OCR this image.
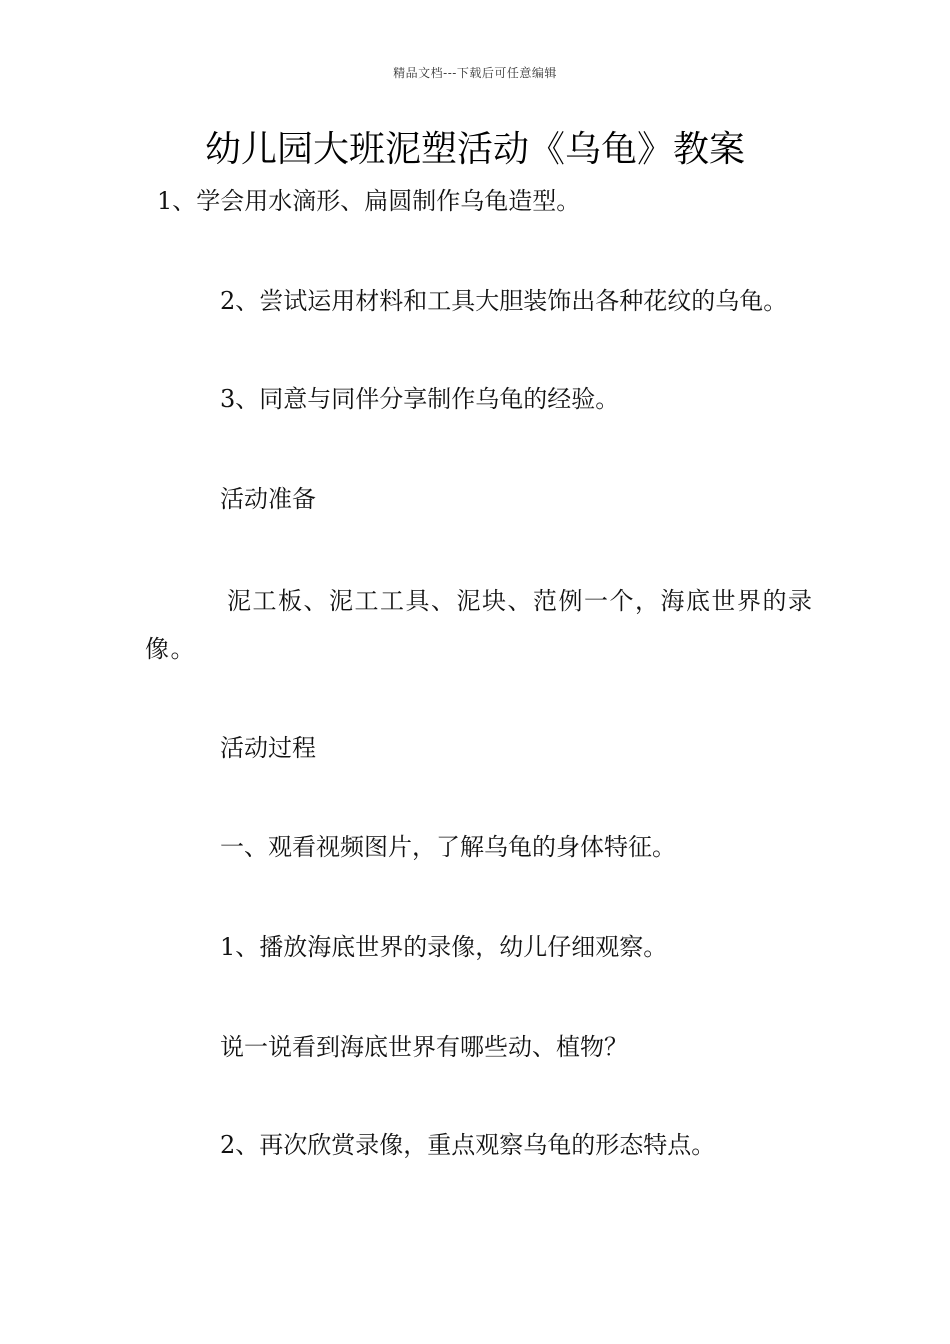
精品文档---下载后可任意编辑
幼儿园大班泥塑活动《乌龟》教案
1、学会用水滴形、扁圆制作乌龟造型。
2、尝试运用材料和工具大胆装饰出各种花纹的乌龟。
3、同意与同伴分享制作乌龟的经验。
活动准备
泥工板、泥工工具、泥块、范例一个，海底世界的录像。
活动过程
一、观看视频图片，了解乌龟的身体特征。
1、播放海底世界的录像，幼儿仔细观察。
说一说看到海底世界有哪些动、植物？
2、再次欣赏录像，重点观察乌龟的形态特点。
